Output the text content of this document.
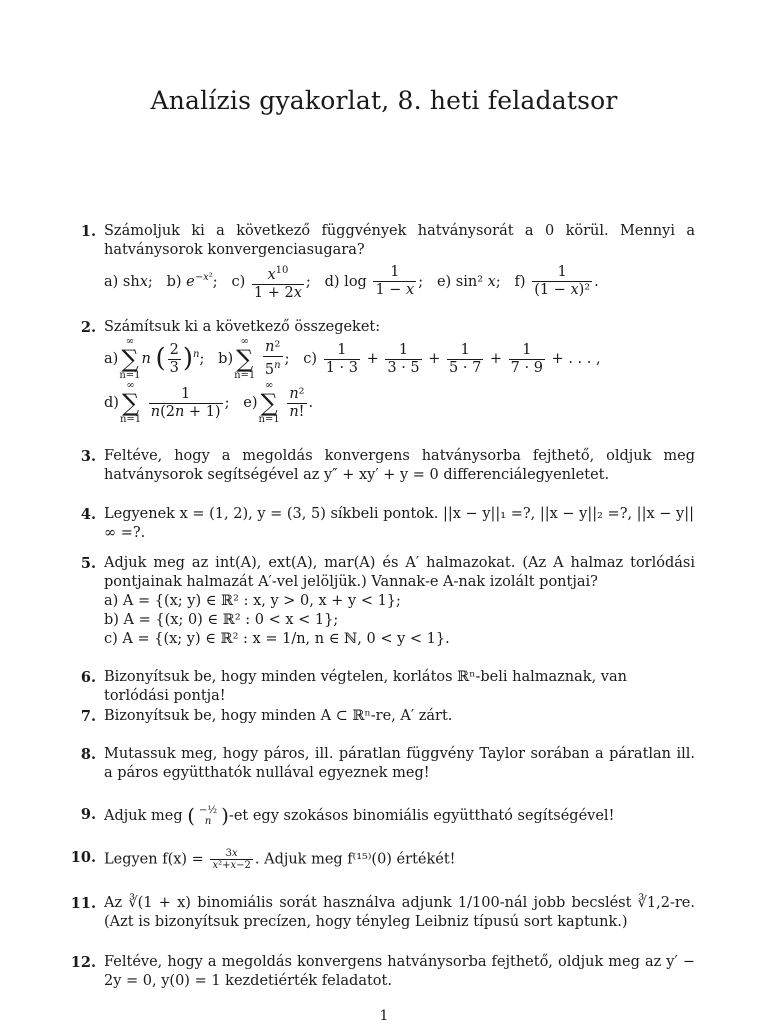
Analízis gyakorlat, 8. heti feladatsor
1. Számoljuk ki a következő függvények hatványsorát a 0 körül. Mennyi a hatványsorok konvergenciasugara?
a) shx;   b) $e^{-x^2}$;   $c) \frac{x^{10}}{1 + 2x}$ ;   d) $\log \frac{1}{1 - x}$ ;   e) sin² x;   $f) \frac{1}{\text{(1 − x)²}}$ .
2. Számítsuk ki a következő összegeket:
a)
∞
∑
n=1
n ( $\frac{2}{3} )^n$;   b)
∞
∑
n=1
$\frac{\text{n²}}{5^n}$ ;   $c) \frac{1}{1 \cdot 3} + \frac{1}{3 \cdot 5} + \frac{1}{5 \cdot 7} + \frac{1}{7 \cdot 9}$ + . . . ,
d)
∞
∑
n=1
$\frac{1}{n(2n + 1)}$ ;   e)
∞
∑
n=1
$\frac{\text{n²}}{n!}$ .
3. Feltéve, hogy a megoldás konvergens hatványsorba fejthető, oldjuk meg hatványsorok segítségével az y″ + xy′ + y = 0 differenciálegyenletet.
4. Legyenek x = (1, 2), y = (3, 5) síkbeli pontok. ||x − y||₁ =?, ||x − y||₂ =?, ||x − y||∞ =?.
5. Adjuk meg az int(A), ext(A), mar(A) és A′ halmazokat. (Az A halmaz torlódási pontjainak halmazát A′-vel jelöljük.) Vannak-e A-nak izolált pontjai?
a) A = {(x; y) ∈ ℝ² : x, y > 0, x + y < 1};
b) A = {(x; 0) ∈ ℝ² : 0 < x < 1};
c) A = {(x; y) ∈ ℝ² : x = 1/n, n ∈ ℕ, 0 < y < 1}.
6. Bizonyítsuk be, hogy minden végtelen, korlátos ℝⁿ-beli halmaznak, van torlódási pontja!
7. Bizonyítsuk be, hogy minden A ⊂ ℝⁿ-re, A′ zárt.
8. Mutassuk meg, hogy páros, ill. páratlan függvény Taylor sorában a páratlan ill. a páros együtthatók nullával egyeznek meg!
9. Adjuk meg ( −½
n )-et egy szokásos binomiális együttható segítségével!
10. Legyen $f(x) = \frac{3x}{\text{x²+x−2}}$ . Adjuk meg f⁽¹⁵⁾(0) értékét!
11. Az ∛(1 + x) binomiális sorát használva adjunk 1/100-nál jobb becslést ∛1,2-re. (Azt is bizonyítsuk precízen, hogy tényleg Leibniz típusú sort kaptunk.)
12. Feltéve, hogy a megoldás konvergens hatványsorba fejthető, oldjuk meg az y′ − 2y = 0, y(0) = 1 kezdetiérték feladatot.
1
